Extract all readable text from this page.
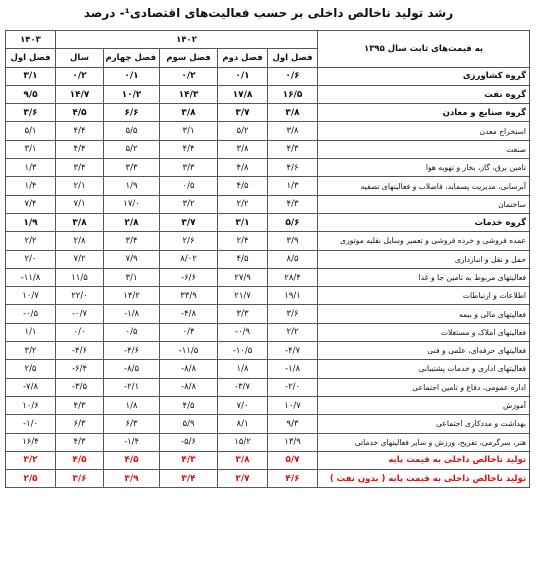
رشد تولید ناخالص داخلی بر حسب فعالیت‌های اقتصادی¹- درصد
به قیمت‌های ثابت سال ۱۳۹۵	۱۴۰۲					۱۴۰۳
	فصل اول	فصل دوم	فصل سوم	فصل چهارم	سال	فصل اول
گروه کشاورزی	۰/۶	۰/۱	۰/۲	۰/۱	۰/۲	۳/۱
گروه نفت	۱۶/۵	۱۷/۸	۱۴/۳	۱۰/۲	۱۴/۷	۹/۵
گروه صنایع و معادن	۳/۸	۳/۷	۳/۸	۶/۶	۴/۵	۳/۶
استخراج معدن	۳/۸	۵/۲	۳/۱	۵/۵	۴/۴	۵/۱
صنعت	۴/۳	۳/۸	۴/۴	۵/۲	۴/۴	۳/۱
تامین برق، گاز، بخار و تهویه هوا	۴/۶	۴/۸	۳/۳	۳/۳	۳/۴	۱/۳
آبرسانی، مدیریت پسماند، فاضلاب و فعالیتهای تصفیه	۱/۳	۴/۵	۰/۵	۱/۹	۲/۱	۱/۴
ساختمان	۴/۳	۲/۲	۳/۲	۱۷/۰	۷/۱	۷/۴
گروه خدمات	۵/۶	۳/۱	۳/۷	۲/۸	۳/۸	۱/۹
عمده فروشی و خرده فروشی و تعمیر وسایل نقلیه موتوری	۳/۹	۲/۴	۲/۶	۳/۴	۲/۸	۲/۲
حمل و نقل و انبارداری	۸/۵	۴/۵	۸/۰۲	۷/۹	۷/۲	۲/۰
فعالیتهای مربوط به تامین جا و غذا	۲۸/۴	۲۷/۹	۶/۶-	۳/۱	۱۱/۵	۱۱/۸-
اطلاعات و ارتباطات	۱۹/۱	۲۱/۷	۳۳/۹	۱۴/۲	۲۲/۰	۱۰/۷
فعالیتهای مالی و بیمه	۳/۶	۳/۳	۴/۸-	۱/۸-	۰/۷-	۰/۵-
فعالیتهای املاک و مستغلات	۲/۲	۰/۹-	۰/۴	۰/۵	۰/۰	۱/۱
فعالیتهای حرفه‌ای، علمی و فنی	۴/۷-	۱۰/۵-	۱۱/۵-	۴/۶-	۴/۶-	۳/۲
فعالیتهای اداری و خدمات پشتیبانی	۱/۸-	۱/۸	۸/۸-	۸/۵-	۶/۴-	۲/۵
اداره عمومی، دفاع و تامین اجتماعی	۲/۰-	۳/۷-	۸/۸-	۲/۱-	۳/۵-	۷/۸-
آموزش	۱۰/۷	۷/۰	۴/۵	۱/۸	۴/۳	۱۰/۶
بهداشت و مددکاری اجتماعی	۹/۳	۸/۱	۵/۹	۶/۳	۶/۳	۱/۰-
هنر، سرگرمی، تفریح، ورزش و سایر فعالیتهای خدماتی	۱۳/۹	۱۵/۲	۵/۶-	۱/۴-	۴/۳	۱۶/۴
تولید ناخالص داخلی به قیمت پایه	۵/۷	۳/۸	۴/۳	۴/۵	۴/۵	۳/۲
تولید ناخالص داخلی به قیمت پایه ( بدون نفت )	۴/۶	۲/۷	۳/۴	۳/۹	۳/۶	۲/۵
